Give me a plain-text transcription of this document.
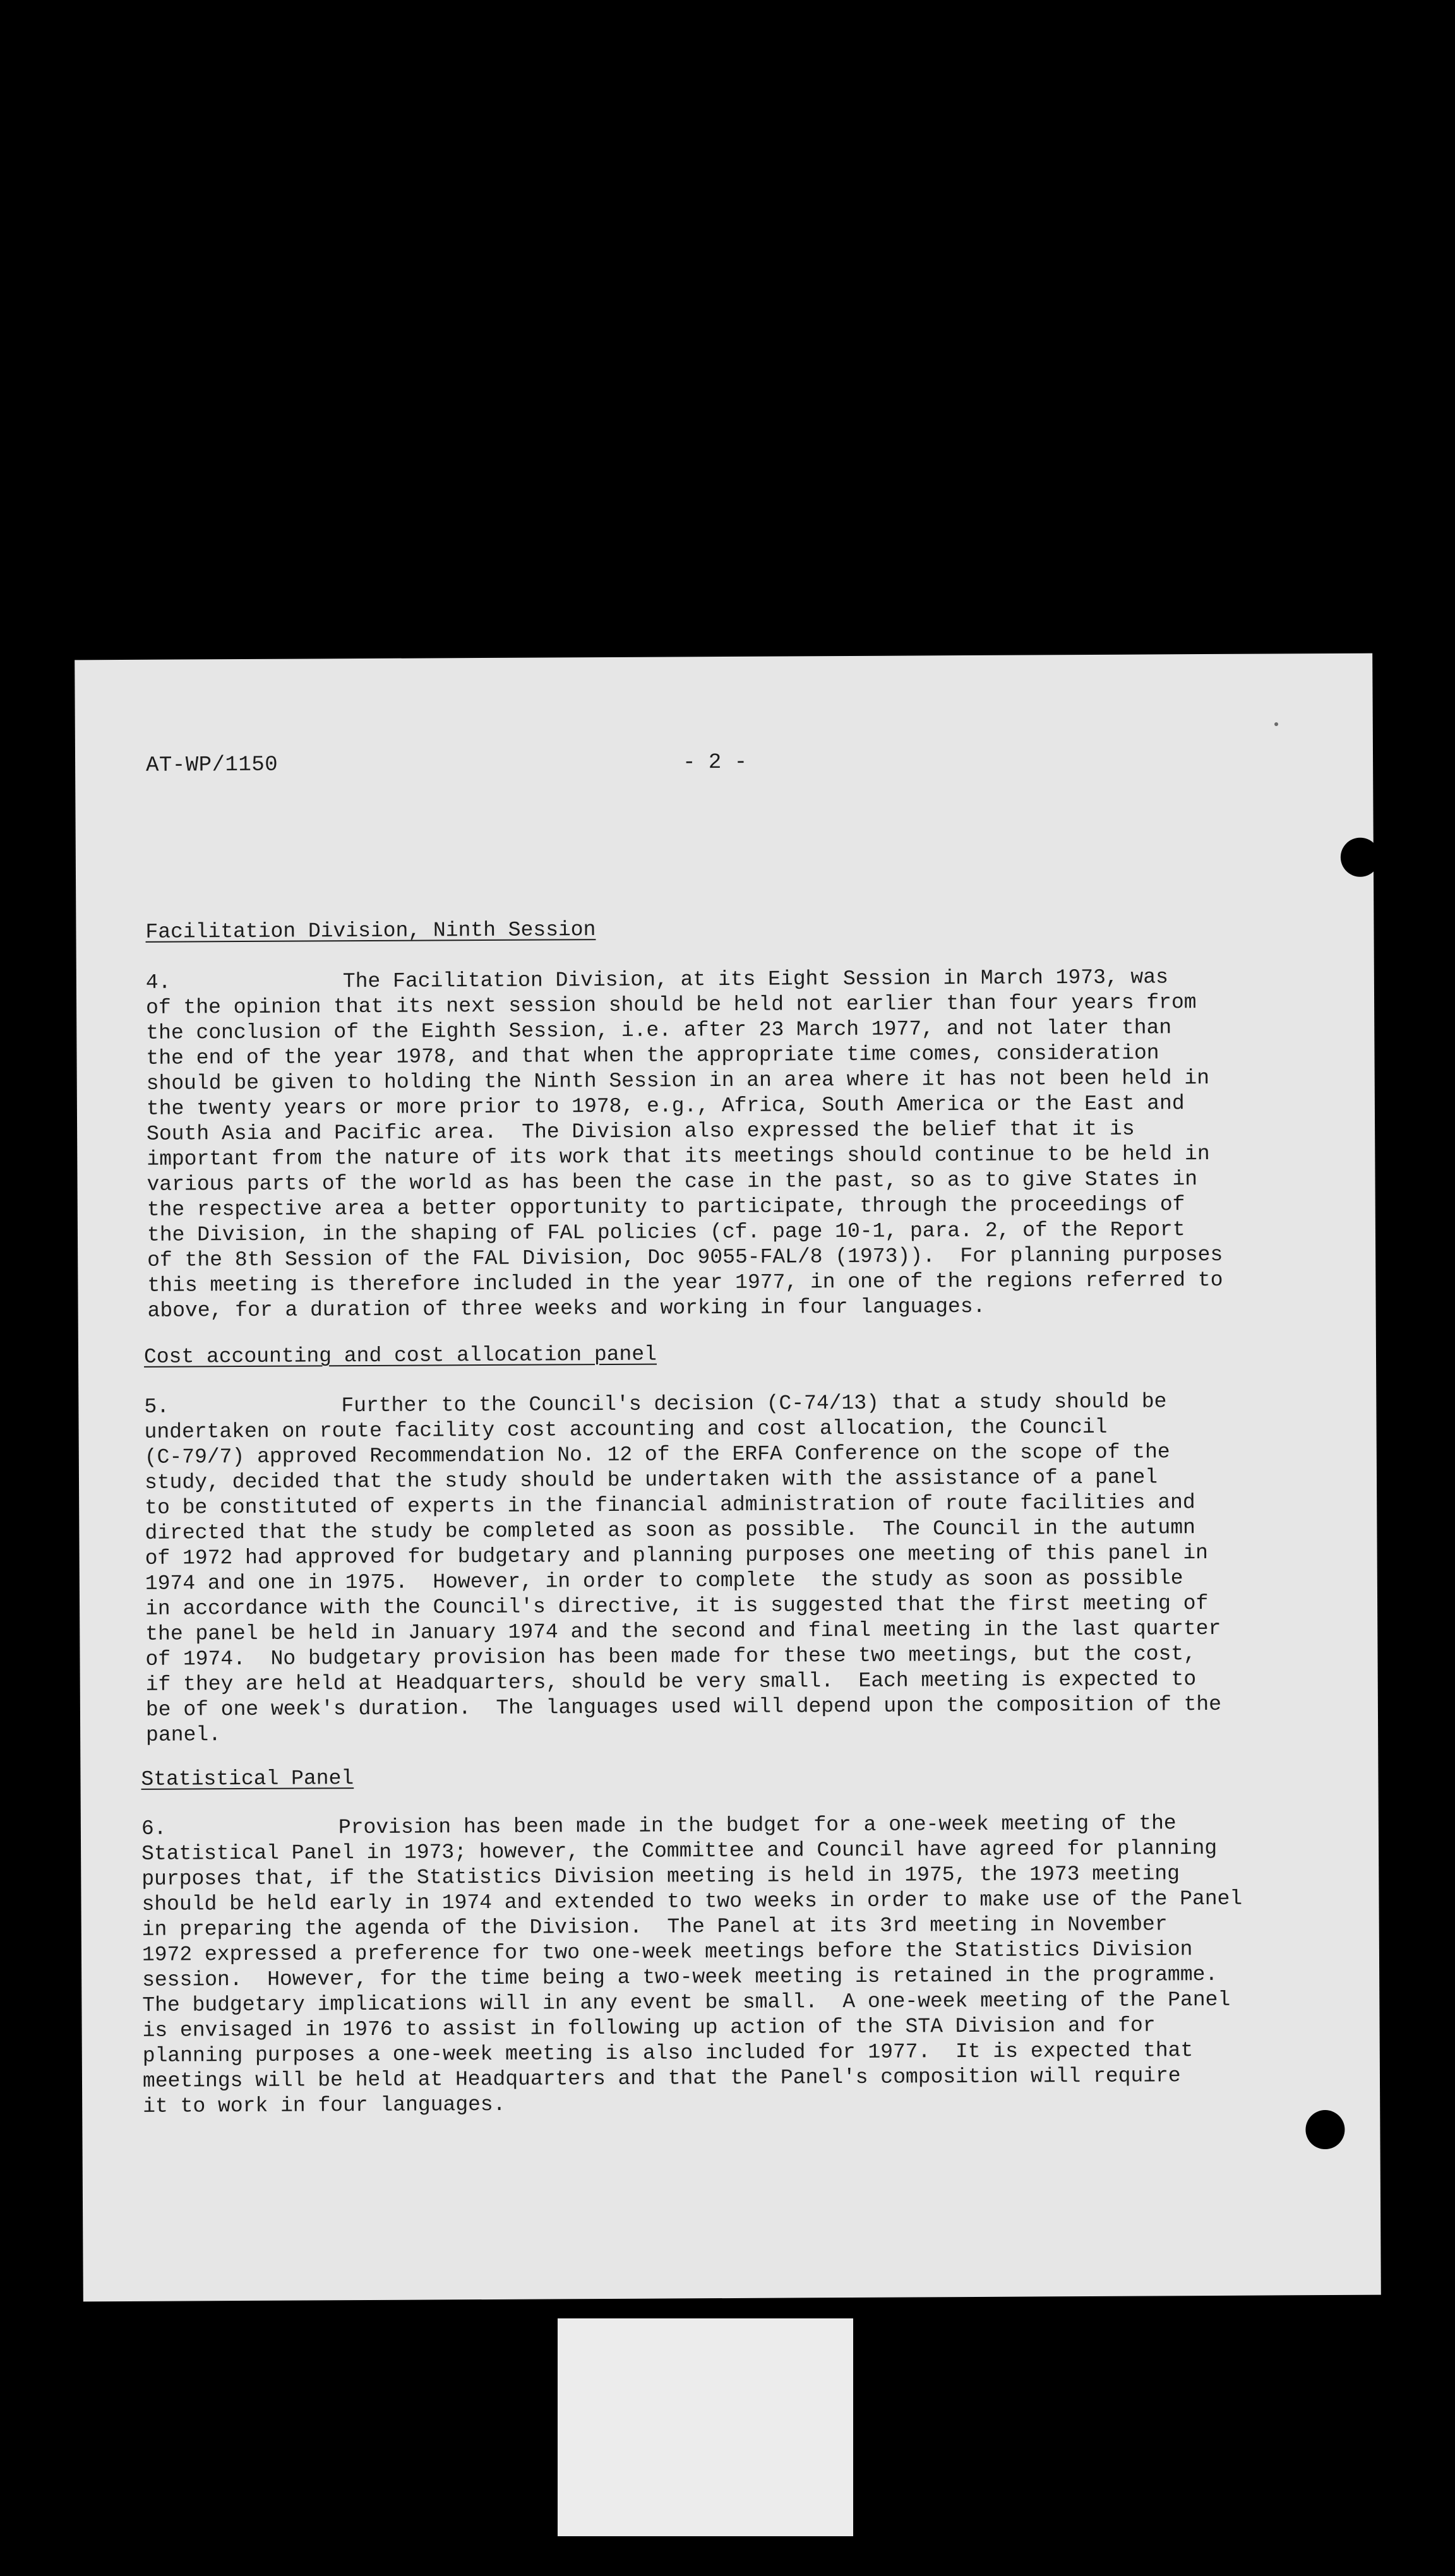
AT-WP/1150	- 2 -
Facilitation Division, Ninth Session
4.	The Facilitation Division, at its Eight Session in March 1973, was
of the opinion that its next session should be held not earlier than four years from
the conclusion of the Eighth Session, i.e. after 23 March 1977, and not later than
the end of the year 1978, and that when the appropriate time comes, consideration
should be given to holding the Ninth Session in an area where it has not been held in
the twenty years or more prior to 1978, e.g., Africa, South America or the East and
South Asia and Pacific area.  The Division also expressed the belief that it is
important from the nature of its work that its meetings should continue to be held in
various parts of the world as has been the case in the past, so as to give States in
the respective area a better opportunity to participate, through the proceedings of
the Division, in the shaping of FAL policies (cf. page 10-1, para. 2, of the Report
of the 8th Session of the FAL Division, Doc 9055-FAL/8 (1973)).  For planning purposes
this meeting is therefore included in the year 1977, in one of the regions referred to
above, for a duration of three weeks and working in four languages.
Cost accounting and cost allocation panel
5.	Further to the Council's decision (C-74/13) that a study should be
undertaken on route facility cost accounting and cost allocation, the Council
(C-79/7) approved Recommendation No. 12 of the ERFA Conference on the scope of the
study, decided that the study should be undertaken with the assistance of a panel
to be constituted of experts in the financial administration of route facilities and
directed that the study be completed as soon as possible.  The Council in the autumn
of 1972 had approved for budgetary and planning purposes one meeting of this panel in
1974 and one in 1975.  However, in order to complete  the study as soon as possible
in accordance with the Council's directive, it is suggested that the first meeting of
the panel be held in January 1974 and the second and final meeting in the last quarter
of 1974.  No budgetary provision has been made for these two meetings, but the cost,
if they are held at Headquarters, should be very small.  Each meeting is expected to
be of one week's duration.  The languages used will depend upon the composition of the
panel.
Statistical Panel
6.	Provision has been made in the budget for a one-week meeting of the
Statistical Panel in 1973; however, the Committee and Council have agreed for planning
purposes that, if the Statistics Division meeting is held in 1975, the 1973 meeting
should be held early in 1974 and extended to two weeks in order to make use of the Panel
in preparing the agenda of the Division.  The Panel at its 3rd meeting in November
1972 expressed a preference for two one-week meetings before the Statistics Division
session.  However, for the time being a two-week meeting is retained in the programme.
The budgetary implications will in any event be small.  A one-week meeting of the Panel
is envisaged in 1976 to assist in following up action of the STA Division and for
planning purposes a one-week meeting is also included for 1977.  It is expected that
meetings will be held at Headquarters and that the Panel's composition will require
it to work in four languages.
